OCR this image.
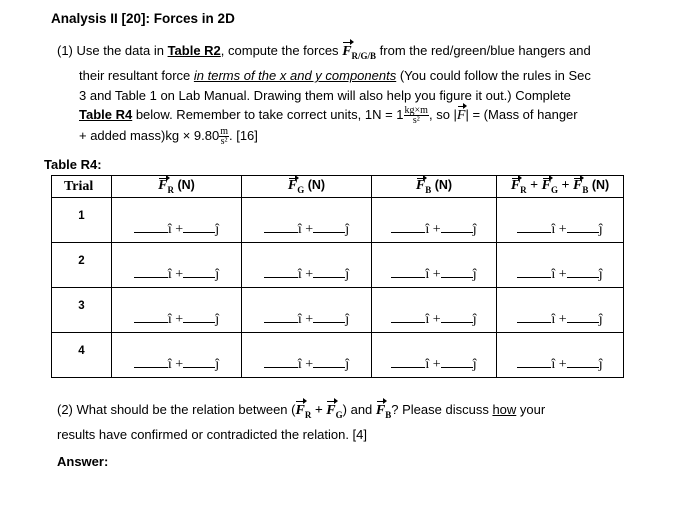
Analysis II [20]: Forces in 2D

(1) Use the data in Table R2, compute the forces $F_{R/G/B}$ from the red/green/blue hangers and

their resultant force in terms of the x and y components (You could follow the rules in Sec

3 and Table 1 on Lab Manual. Drawing them will also help you figure it out.) Complete

Table R4 below. Remember to take correct units, $1N = 1 \frac{kg\times m}{\text{s²}}$ , so |F| = (Mass of hanger

+ added mass)kg × $9.80 \frac{m}{\text{s²}}$ . [16]

Table R4:
Trial	$F_R$ (N)	$F_G$ (N)	$F_B$ (N)	$F_R + F_G + F_B$ (N)

1	î + ĵ	î + ĵ	î + ĵ	î + ĵ

2	î + ĵ	î + ĵ	î + ĵ	î + ĵ

3	î + ĵ	î + ĵ	î + ĵ	î + ĵ

4	î + ĵ	î + ĵ	î + ĵ	î + ĵ

(2) What should be the relation between $(F_R + F_G)$ and $F_B$? Please discuss how your

results have confirmed or contradicted the relation. [4]

Answer:
